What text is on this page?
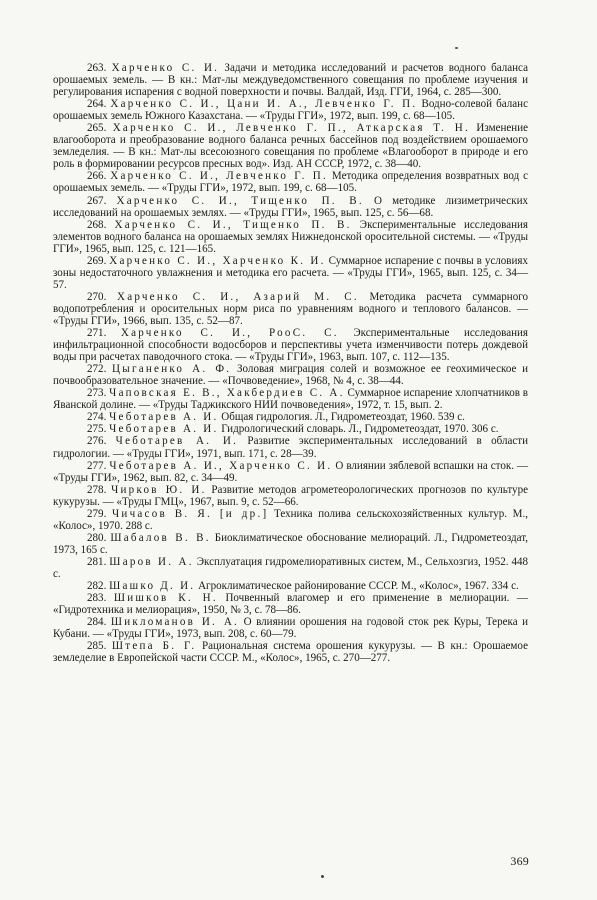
263. Харченко С. И. Задачи и методика исследований и расчетов водного баланса орошаемых земель. — В кн.: Мат-лы междуведомственного совещания по проблеме изучения и регулирования испарения с водной поверхности и почвы. Валдай, Изд. ГГИ, 1964, с. 285—300.

264. Харченко С. И., Цани И. А., Левченко Г. П. Водно-солевой баланс орошаемых земель Южного Казахстана. — «Труды ГГИ», 1972, вып. 199, с. 68—105.

265. Харченко С. И., Левченко Г. П., Аткарская Т. Н. Изменение влагооборота и преобразование водного баланса речных бассейнов под воздействием орошаемого земледелия. — В кн.: Мат-лы всесоюзного совещания по проблеме «Влагооборот в природе и его роль в формировании ресурсов пресных вод». Изд. АН СССР, 1972, с. 38—40.

266. Харченко С. И., Левченко Г. П. Методика определения возвратных вод с орошаемых земель. — «Труды ГГИ», 1972, вып. 199, с. 68—105.

267. Харченко С. И., Тищенко П. В. О методике лизиметрических исследований на орошаемых землях. — «Труды ГГИ», 1965, вып. 125, с. 56—68.

268. Харченко С. И., Тищенко П. В. Экспериментальные исследования элементов водного баланса на орошаемых землях Нижнедонской оросительной системы. — «Труды ГГИ», 1965, вып. 125, с. 121—165.

269. Харченко С. И., Харченко К. И. Суммарное испарение с почвы в условиях зоны недостаточного увлажнения и методика его расчета. — «Труды ГГИ», 1965, вып. 125, с. 34—57.

270. Харченко С. И., Азарий М. С. Методика расчета суммарного водопотребления и оросительных норм риса по уравнениям водного и теплового балансов. — «Труды ГГИ», 1966, вып. 135, с. 52—87.

271. Харченко С. И., РооС. С. Экспериментальные исследования инфильтрационной способности водосборов и перспективы учета изменчивости потерь дождевой воды при расчетах паводочного стока. — «Труды ГГИ», 1963, вып. 107, с. 112—135.

272. Цыганенко А. Ф. Золовая миграция солей и возможное ее геохимическое и почвообразовательное значение. — «Почвоведение», 1968, № 4, с. 38—44.

273. Чаповская Е. В., Хакбердиев С. А. Суммарное испарение хлопчатников в Яванской долине. — «Труды Таджикского НИИ почвоведения», 1972, т. 15, вып. 2.

274. Чеботарев А. И. Общая гидрология. Л., Гидрометеоздат, 1960. 539 с.

275. Чеботарев А. И. Гидрологический словарь. Л., Гидрометеоздат, 1970. 306 с.

276. Чеботарев А. И. Развитие экспериментальных исследований в области гидрологии. — «Труды ГГИ», 1971, вып. 171, с. 28—39.

277. Чеботарев А. И., Харченко С. И. О влиянии зяблевой вспашки на сток. — «Труды ГГИ», 1962, вып. 82, с. 34—49.

278. Чирков Ю. И. Развитие методов агрометеорологических прогнозов по культуре кукурузы. — «Труды ГМЦ», 1967, вып. 9, с. 52—66.

279. Чичасов В. Я. [и др.] Техника полива сельскохозяйственных культур. М., «Колос», 1970. 288 с.

280. Шабалов В. В. Биоклиматическое обоснование мелиораций. Л., Гидрометеоздат, 1973, 165 с.

281. Шаров И. А. Эксплуатация гидромелиоративных систем, М., Сельхозгиз, 1952. 448 с.

282. Шашко Д. И. Агроклиматическое районирование СССР. М., «Колос», 1967. 334 с.

283. Шишков К. Н. Почвенный влагомер и его применение в мелиорации. — «Гидротехника и мелиорация», 1950, № 3, с. 78—86.

284. Шикломанов И. А. О влиянии орошения на годовой сток рек Куры, Терека и Кубани. — «Труды ГГИ», 1973, вып. 208, с. 60—79.

285. Штепа Б. Г. Рациональная система орошения кукурузы. — В кн.: Орошаемое земледелие в Европейской части СССР. М., «Колос», 1965, с. 270—277.

369
